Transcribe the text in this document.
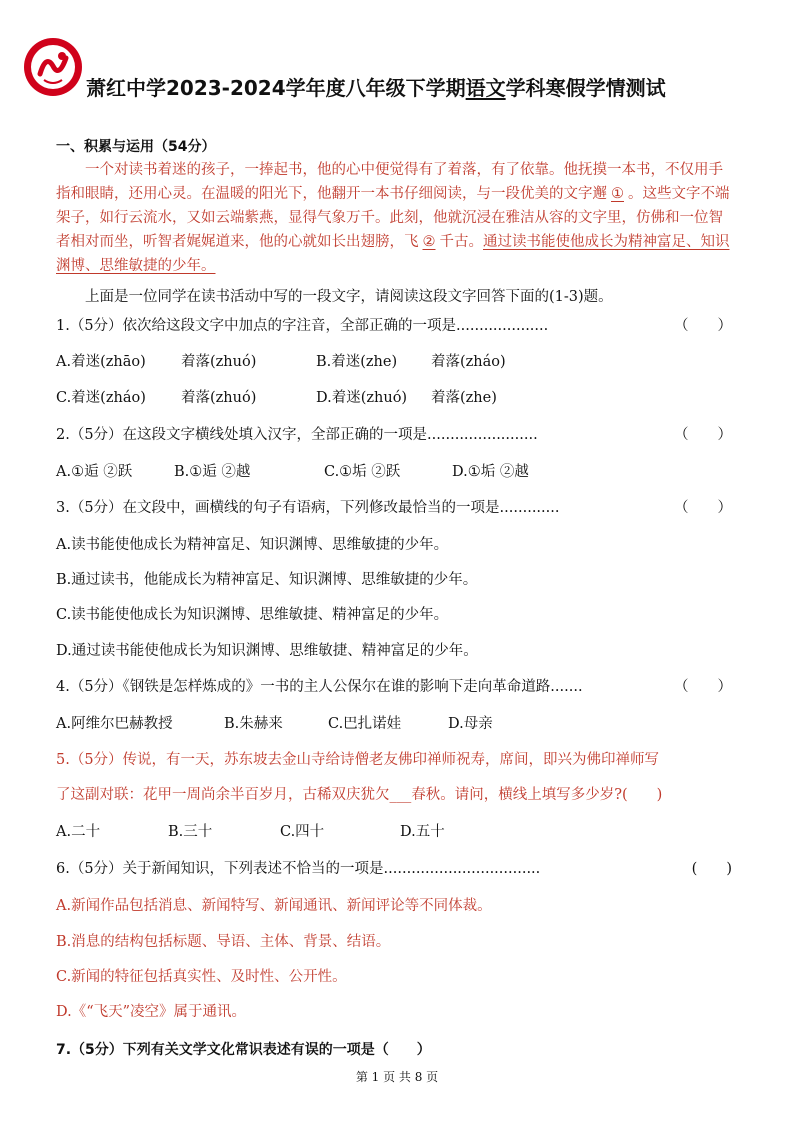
萧红中学2023-2024学年度八年级下学期语文学科寒假学情测试
一、积累与运用（54分）

一个对读书着迷的孩子，一捧起书，他的心中便觉得有了着落，有了依靠。他抚摸一本书，不仅用手指和眼睛，还用心灵。在温暖的阳光下，他翻开一本书仔细阅读，与一段优美的文字邂 ① 。这些文字不端架子，如行云流水，又如云端紫燕，显得气象万千。此刻，他就沉浸在雅洁从容的文字里，仿佛和一位智者相对而坐，听智者娓娓道来，他的心就如长出翅膀，飞 ② 千古。通过读书能使他成长为精神富足、知识渊博、思维敏捷的少年。

上面是一位同学在读书活动中写的一段文字，请阅读这段文字回答下面的(1-3)题。
1.（5分）依次给这段文字中加点的字注音，全部正确的一项是....................	（　　）
A.着迷(zhāo) 着落(zhuó)	B.着迷(zhe) 着落(zháo)
C.着迷(zháo) 着落(zhuó)	D.着迷(zhuó) 着落(zhe)
2.（5分）在这段文字横线处填入汉字，全部正确的一项是........................	（　　）
A.①逅 ②跃	B.①逅 ②越	C.①垢 ②跃	D.①垢 ②越
3.（5分）在文段中，画横线的句子有语病，下列修改最恰当的一项是.............	（　　）
A.读书能使他成长为精神富足、知识渊博、思维敏捷的少年。
B.通过读书，他能成长为精神富足、知识渊博、思维敏捷的少年。
C.读书能使他成长为知识渊博、思维敏捷、精神富足的少年。
D.通过读书能使他成长为知识渊博、思维敏捷、精神富足的少年。
4.（5分）《钢铁是怎样炼成的》一书的主人公保尔在谁的影响下走向革命道路.......	（　　）
A.阿维尔巴赫教授	B.朱赫来	C.巴扎诺娃	D.母亲
5.（5分）传说，有一天，苏东坡去金山寺给诗僧老友佛印禅师祝寿，席间，即兴为佛印禅师写
了这副对联：花甲一周尚余半百岁月，古稀双庆犹欠___春秋。请问，横线上填写多少岁?(　　)
A.二十	B.三十	C.四十	D.五十
6.（5分）关于新闻知识，下列表述不恰当的一项是..................................	(　　)
A.新闻作品包括消息、新闻特写、新闻通讯、新闻评论等不同体裁。
B.消息的结构包括标题、导语、主体、背景、结语。
C.新闻的特征包括真实性、及时性、公开性。
D.《“飞天”凌空》属于通讯。
7.（5分）下列有关文学文化常识表述有误的一项是（　　）
第 1 页 共 8 页
